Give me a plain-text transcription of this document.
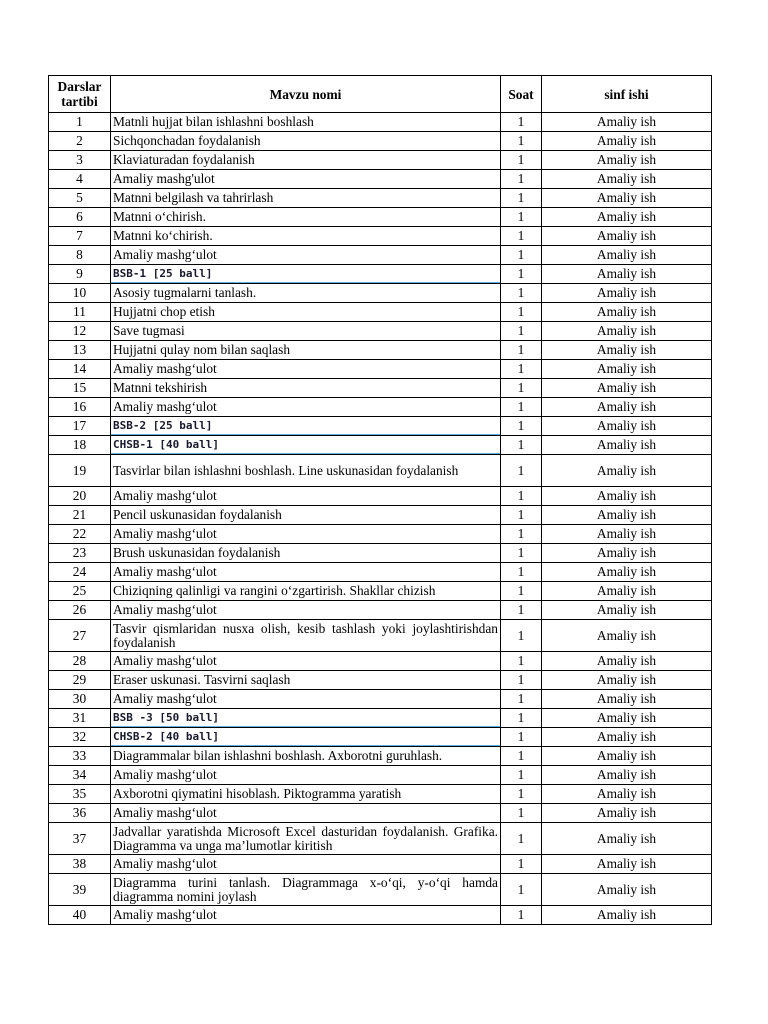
Darslar tartibi	Mavzu nomi	Soat	sinf ishi
1	Matnli hujjat bilan ishlashni boshlash	1	Amaliy ish
2	Sichqonchadan foydalanish	1	Amaliy ish
3	Klaviaturadan foydalanish	1	Amaliy ish
4	Amaliy mashg'ulot	1	Amaliy ish
5	Matnni belgilash va tahrirlash	1	Amaliy ish
6	Matnni o‘chirish.	1	Amaliy ish
7	Matnni ko‘chirish.	1	Amaliy ish
8	Amaliy mashg‘ulot	1	Amaliy ish
9	BSB-1 [25 ball]	1	Amaliy ish
10	Asosiy tugmalarni tanlash.	1	Amaliy ish
11	Hujjatni chop etish	1	Amaliy ish
12	Save tugmasi	1	Amaliy ish
13	Hujjatni qulay nom bilan saqlash	1	Amaliy ish
14	Amaliy mashg‘ulot	1	Amaliy ish
15	Matnni tekshirish	1	Amaliy ish
16	Amaliy mashg‘ulot	1	Amaliy ish
17	BSB-2 [25 ball]	1	Amaliy ish
18	CHSB-1 [40 ball]	1	Amaliy ish
19	Tasvirlar bilan ishlashni boshlash. Line uskunasidan foydalanish	1	Amaliy ish
20	Amaliy mashg‘ulot	1	Amaliy ish
21	Pencil uskunasidan foydalanish	1	Amaliy ish
22	Amaliy mashg‘ulot	1	Amaliy ish
23	Brush uskunasidan foydalanish	1	Amaliy ish
24	Amaliy mashg‘ulot	1	Amaliy ish
25	Chiziqning qalinligi va rangini o‘zgartirish. Shakllar chizish	1	Amaliy ish
26	Amaliy mashg‘ulot	1	Amaliy ish
27	Tasvir qismlaridan nusxa olish, kesib tashlash yoki joylashtirishdan foydalanish	1	Amaliy ish
28	Amaliy mashg‘ulot	1	Amaliy ish
29	Eraser uskunasi. Tasvirni saqlash	1	Amaliy ish
30	Amaliy mashg‘ulot	1	Amaliy ish
31	BSB -3 [50 ball]	1	Amaliy ish
32	CHSB-2 [40 ball]	1	Amaliy ish
33	Diagrammalar bilan ishlashni boshlash. Axborotni guruhlash.	1	Amaliy ish
34	Amaliy mashg‘ulot	1	Amaliy ish
35	Axborotni qiymatini hisoblash. Piktogramma yaratish	1	Amaliy ish
36	Amaliy mashg‘ulot	1	Amaliy ish
37	Jadvallar yaratishda Microsoft Excel dasturidan foydalanish. Grafika. Diagramma va unga ma’lumotlar kiritish	1	Amaliy ish
38	Amaliy mashg‘ulot	1	Amaliy ish
39	Diagramma turini tanlash. Diagrammaga x-o‘qi, y-o‘qi hamda diagramma nomini joylash	1	Amaliy ish
40	Amaliy mashg‘ulot	1	Amaliy ish
